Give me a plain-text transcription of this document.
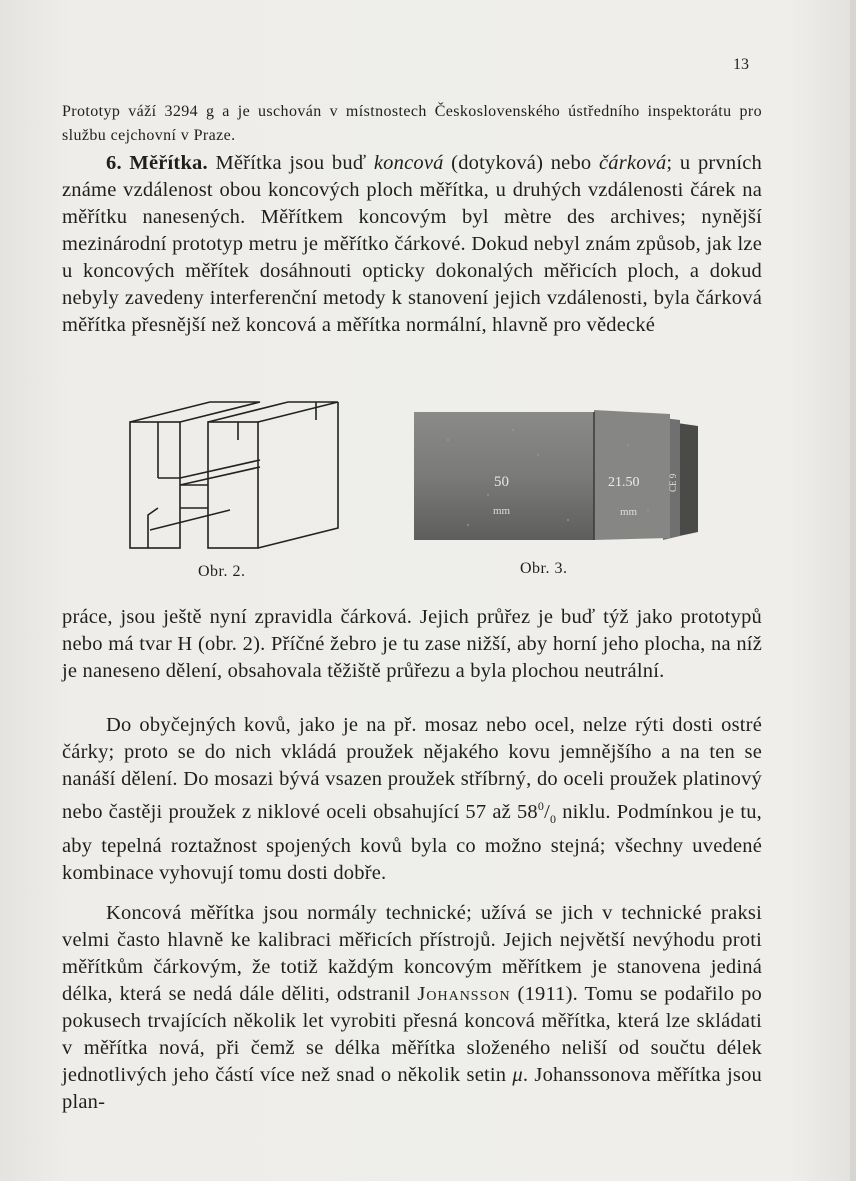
13

Prototyp váží 3294 g a je uschován v místnostech Československého ústředního inspektorátu pro službu cejchovní v Praze.

6. Měřítka. Měřítka jsou buď koncová (dotyková) nebo čárková; u prvních známe vzdálenost obou koncových ploch měřítka, u druhých vzdálenosti čárek na měřítku nanesených. Měřítkem koncovým byl mètre des archives; nynější mezinárodní prototyp metru je měřítko čárkové. Dokud nebyl znám způsob, jak lze u koncových měřítek dosáhnouti opticky dokonalých měřicích ploch, a dokud nebyly zavedeny interferenční metody k stanovení jejich vzdálenosti, byla čárková měřítka přesnější než koncová a měřítka normální, hlavně pro vědecké

Obr. 2.
50
mm
21.50
mm
CE 9
Obr. 3.

práce, jsou ještě nyní zpravidla čárková. Jejich průřez je buď týž jako prototypů nebo má tvar H (obr. 2). Příčné žebro je tu zase nižší, aby horní jeho plocha, na níž je naneseno dělení, obsahovala těžiště průřezu a byla plochou neutrální.

Do obyčejných kovů, jako je na př. mosaz nebo ocel, nelze rýti dosti ostré čárky; proto se do nich vkládá proužek nějakého kovu jemnějšího a na ten se nanáší dělení. Do mosazi bývá vsazen proužek stříbrný, do oceli proužek platinový nebo častěji proužek z niklové oceli obsahující 57 až $58^0/_0$ niklu. Podmínkou je tu, aby tepelná roztažnost spojených kovů byla co možno stejná; všechny uvedené kombinace vyhovují tomu dosti dobře.

Koncová měřítka jsou normály technické; užívá se jich v technické praksi velmi často hlavně ke kalibraci měřicích přístrojů. Jejich největší nevýhodu proti měřítkům čárkovým, že totiž každým koncovým měřítkem je stanovena jediná délka, která se nedá dále děliti, odstranil Johansson (1911). Tomu se podařilo po pokusech trvajících několik let vyrobiti přesná koncová měřítka, která lze skládati v měřítka nová, při čemž se délka měřítka složeného neliší od součtu délek jednotlivých jeho částí více než snad o několik setin μ. Johanssonova měřítka jsou plan-
